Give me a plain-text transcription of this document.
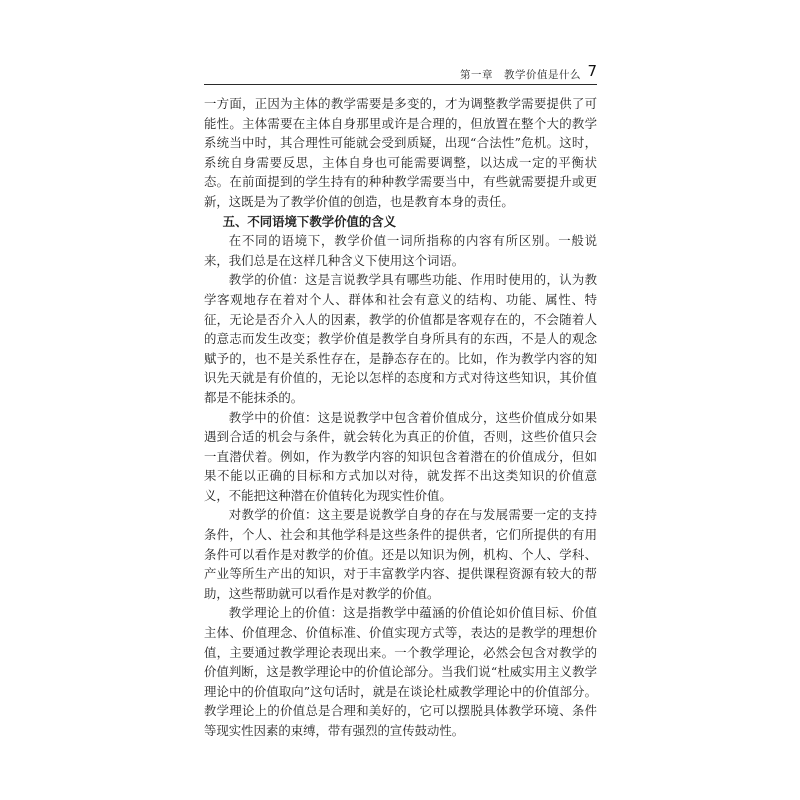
第一章　教学价值是什么 7

一方面，正因为主体的教学需要是多变的，才为调整教学需要提供了可能性。主体需要在主体自身那里或许是合理的，但放置在整个大的教学系统当中时，其合理性可能就会受到质疑，出现“合法性”危机。这时，系统自身需要反思，主体自身也可能需要调整，以达成一定的平衡状态。在前面提到的学生持有的种种教学需要当中，有些就需要提升或更新，这既是为了教学价值的创造，也是教育本身的责任。

五、不同语境下教学价值的含义

在不同的语境下，教学价值一词所指称的内容有所区别。一般说来，我们总是在这样几种含义下使用这个词语。

教学的价值：这是言说教学具有哪些功能、作用时使用的，认为教学客观地存在着对个人、群体和社会有意义的结构、功能、属性、特征，无论是否介入人的因素，教学的价值都是客观存在的，不会随着人的意志而发生改变；教学价值是教学自身所具有的东西，不是人的观念赋予的，也不是关系性存在，是静态存在的。比如，作为教学内容的知识先天就是有价值的，无论以怎样的态度和方式对待这些知识，其价值都是不能抹杀的。

教学中的价值：这是说教学中包含着价值成分，这些价值成分如果遇到合适的机会与条件，就会转化为真正的价值，否则，这些价值只会一直潜伏着。例如，作为教学内容的知识包含着潜在的价值成分，但如果不能以正确的目标和方式加以对待，就发挥不出这类知识的价值意义，不能把这种潜在价值转化为现实性价值。

对教学的价值：这主要是说教学自身的存在与发展需要一定的支持条件，个人、社会和其他学科是这些条件的提供者，它们所提供的有用条件可以看作是对教学的价值。还是以知识为例，机构、个人、学科、产业等所生产出的知识，对于丰富教学内容、提供课程资源有较大的帮助，这些帮助就可以看作是对教学的价值。

教学理论上的价值：这是指教学中蕴涵的价值论如价值目标、价值主体、价值理念、价值标准、价值实现方式等，表达的是教学的理想价值，主要通过教学理论表现出来。一个教学理论，必然会包含对教学的价值判断，这是教学理论中的价值论部分。当我们说“杜威实用主义教学理论中的价值取向”这句话时，就是在谈论杜威教学理论中的价值部分。教学理论上的价值总是合理和美好的，它可以摆脱具体教学环境、条件等现实性因素的束缚，带有强烈的宣传鼓动性。
